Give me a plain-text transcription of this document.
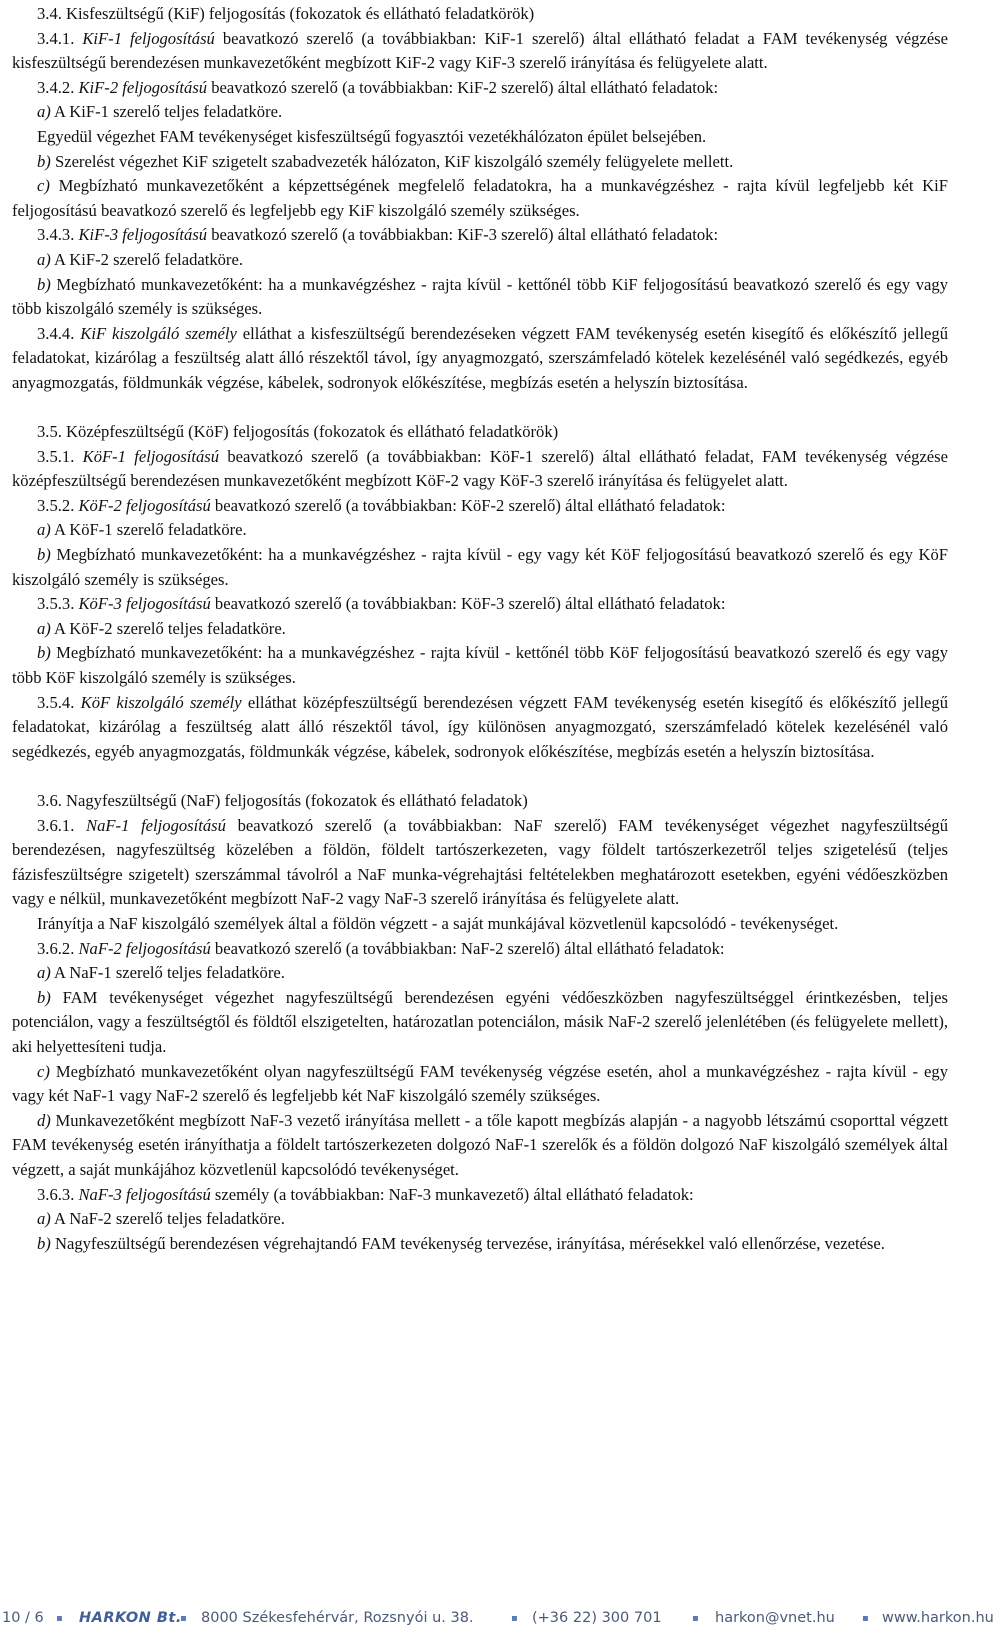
3.4. Kisfeszültségű (KiF) feljogosítás (fokozatok és ellátható feladatkörök)

3.4.1. KiF-1 feljogosítású beavatkozó szerelő (a továbbiakban: KiF-1 szerelő) által ellátható feladat a FAM tevékenység végzése kisfeszültségű berendezésen munkavezetőként megbízott KiF-2 vagy KiF-3 szerelő irányítása és felügyelete alatt.

3.4.2. KiF-2 feljogosítású beavatkozó szerelő (a továbbiakban: KiF-2 szerelő) által ellátható feladatok:

a) A KiF-1 szerelő teljes feladatköre.

Egyedül végezhet FAM tevékenységet kisfeszültségű fogyasztói vezetékhálózaton épület belsejében.

b) Szerelést végezhet KiF szigetelt szabadvezeték hálózaton, KiF kiszolgáló személy felügyelete mellett.

c) Megbízható munkavezetőként a képzettségének megfelelő feladatokra, ha a munkavégzéshez - rajta kívül legfeljebb két KiF feljogosítású beavatkozó szerelő és legfeljebb egy KiF kiszolgáló személy szükséges.

3.4.3. KiF-3 feljogosítású beavatkozó szerelő (a továbbiakban: KiF-3 szerelő) által ellátható feladatok:

a) A KiF-2 szerelő feladatköre.

b) Megbízható munkavezetőként: ha a munkavégzéshez - rajta kívül - kettőnél több KiF feljogosítású beavatkozó szerelő és egy vagy több kiszolgáló személy is szükséges.

3.4.4. KiF kiszolgáló személy elláthat a kisfeszültségű berendezéseken végzett FAM tevékenység esetén kisegítő és előkészítő jellegű feladatokat, kizárólag a feszültség alatt álló részektől távol, így anyagmozgató, szerszámfeladó kötelek kezelésénél való segédkezés, egyéb anyagmozgatás, földmunkák végzése, kábelek, sodronyok előkészítése, megbízás esetén a helyszín biztosítása.

3.5. Középfeszültségű (KöF) feljogosítás (fokozatok és ellátható feladatkörök)

3.5.1. KöF-1 feljogosítású beavatkozó szerelő (a továbbiakban: KöF-1 szerelő) által ellátható feladat, FAM tevékenység végzése középfeszültségű berendezésen munkavezetőként megbízott KöF-2 vagy KöF-3 szerelő irányítása és felügyelet alatt.

3.5.2. KöF-2 feljogosítású beavatkozó szerelő (a továbbiakban: KöF-2 szerelő) által ellátható feladatok:

a) A KöF-1 szerelő feladatköre.

b) Megbízható munkavezetőként: ha a munkavégzéshez - rajta kívül - egy vagy két KöF feljogosítású beavatkozó szerelő és egy KöF kiszolgáló személy is szükséges.

3.5.3. KöF-3 feljogosítású beavatkozó szerelő (a továbbiakban: KöF-3 szerelő) által ellátható feladatok:

a) A KöF-2 szerelő teljes feladatköre.

b) Megbízható munkavezetőként: ha a munkavégzéshez - rajta kívül - kettőnél több KöF feljogosítású beavatkozó szerelő és egy vagy több KöF kiszolgáló személy is szükséges.

3.5.4. KöF kiszolgáló személy elláthat középfeszültségű berendezésen végzett FAM tevékenység esetén kisegítő és előkészítő jellegű feladatokat, kizárólag a feszültség alatt álló részektől távol, így különösen anyagmozgató, szerszámfeladó kötelek kezelésénél való segédkezés, egyéb anyagmozgatás, földmunkák végzése, kábelek, sodronyok előkészítése, megbízás esetén a helyszín biztosítása.

3.6. Nagyfeszültségű (NaF) feljogosítás (fokozatok és ellátható feladatok)

3.6.1. NaF-1 feljogosítású beavatkozó szerelő (a továbbiakban: NaF szerelő) FAM tevékenységet végezhet nagyfeszültségű berendezésen, nagyfeszültség közelében a földön, földelt tartószerkezeten, vagy földelt tartószerkezetről teljes szigetelésű (teljes fázisfeszültségre szigetelt) szerszámmal távolról a NaF munka-végrehajtási feltételekben meghatározott esetekben, egyéni védőeszközben vagy e nélkül, munkavezetőként megbízott NaF-2 vagy NaF-3 szerelő irányítása és felügyelete alatt.

Irányítja a NaF kiszolgáló személyek által a földön végzett - a saját munkájával közvetlenül kapcsolódó - tevékenységet.

3.6.2. NaF-2 feljogosítású beavatkozó szerelő (a továbbiakban: NaF-2 szerelő) által ellátható feladatok:

a) A NaF-1 szerelő teljes feladatköre.

b) FAM tevékenységet végezhet nagyfeszültségű berendezésen egyéni védőeszközben nagyfeszültséggel érintkezésben, teljes potenciálon, vagy a feszültségtől és földtől elszigetelten, határozatlan potenciálon, másik NaF-2 szerelő jelenlétében (és felügyelete mellett), aki helyettesíteni tudja.

c) Megbízható munkavezetőként olyan nagyfeszültségű FAM tevékenység végzése esetén, ahol a munkavégzéshez - rajta kívül - egy vagy két NaF-1 vagy NaF-2 szerelő és legfeljebb két NaF kiszolgáló személy szükséges.

d) Munkavezetőként megbízott NaF-3 vezető irányítása mellett - a tőle kapott megbízás alapján - a nagyobb létszámú csoporttal végzett FAM tevékenység esetén irányíthatja a földelt tartószerkezeten dolgozó NaF-1 szerelők és a földön dolgozó NaF kiszolgáló személyek által végzett, a saját munkájához közvetlenül kapcsolódó tevékenységet.

3.6.3. NaF-3 feljogosítású személy (a továbbiakban: NaF-3 munkavezető) által ellátható feladatok:

a) A NaF-2 szerelő teljes feladatköre.

b) Nagyfeszültségű berendezésen végrehajtandó FAM tevékenység tervezése, irányítása, mérésekkel való ellenőrzése, vezetése.

10 / 6 ▪ HARKON Bt.
▪ 8000 Székesfehérvár, Rozsnyói u. 38.	▪ (+36 22) 300 701	▪ harkon@vnet.hu	▪ www.harkon.hu
